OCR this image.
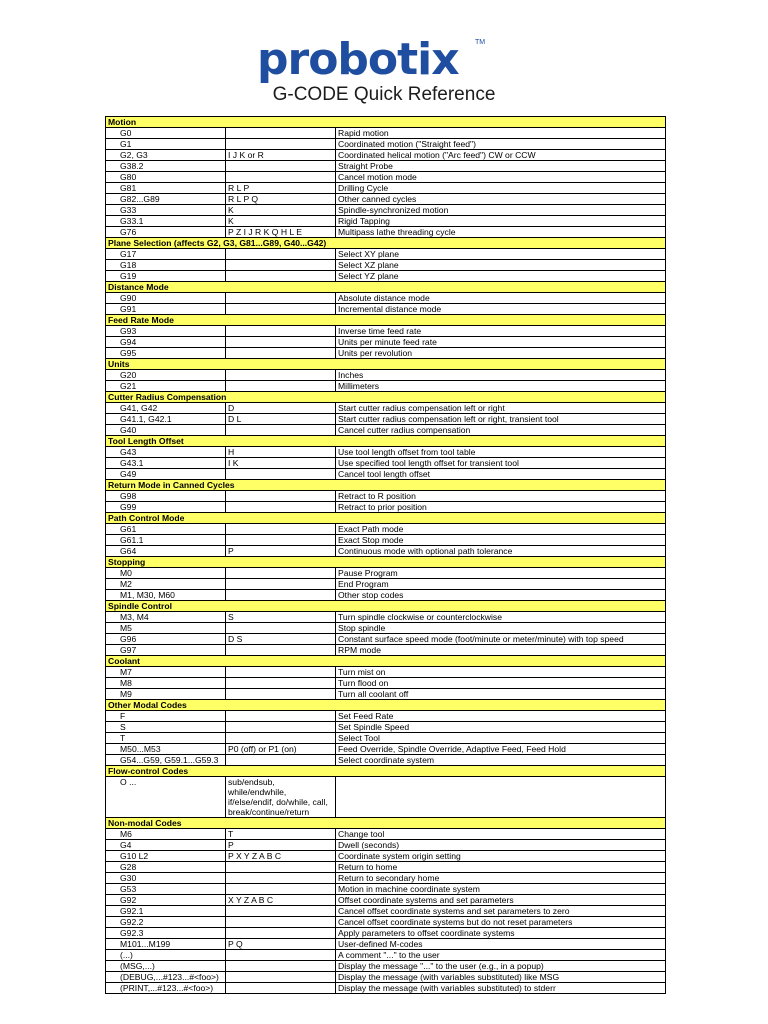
probotix TM
G-CODE Quick Reference
Motion		
G0		Rapid motion
G1		Coordinated motion ("Straight feed")
G2, G3	I J K or R	Coordinated helical motion ("Arc feed") CW or CCW
G38.2		Straight Probe
G80		Cancel motion mode
G81	R L P	Drilling Cycle
G82...G89	R L P Q	Other canned cycles
G33	K	Spindle-synchronized motion
G33.1	K	Rigid Tapping
G76	P Z I J R K Q H L E	Multipass lathe threading cycle
Plane Selection (affects G2, G3, G81...G89, G40...G42)		
G17		Select XY plane
G18		Select XZ plane
G19		Select YZ plane
Distance Mode		
G90		Absolute distance mode
G91		Incremental distance mode
Feed Rate Mode		
G93		Inverse time feed rate
G94		Units per minute feed rate
G95		Units per revolution
Units		
G20		Inches
G21		Millimeters
Cutter Radius Compensation		
G41, G42	D	Start cutter radius compensation left or right
G41.1, G42.1	D L	Start cutter radius compensation left or right, transient tool
G40		Cancel cutter radius compensation
Tool Length Offset		
G43	H	Use tool length offset from tool table
G43.1	I K	Use specified tool length offset for transient tool
G49		Cancel tool length offset
Return Mode in Canned Cycles		
G98		Retract to R position
G99		Retract to prior position
Path Control Mode		
G61		Exact Path mode
G61.1		Exact Stop mode
G64	P	Continuous mode with optional path tolerance
Stopping		
M0		Pause Program
M2		End Program
M1, M30, M60		Other stop codes
Spindle Control		
M3, M4	S	Turn spindle clockwise or counterclockwise
M5		Stop spindle
G96	D S	Constant surface speed mode (foot/minute or meter/minute) with top speed
G97		RPM mode
Coolant		
M7		Turn mist on
M8		Turn flood on
M9		Turn all coolant off
Other Modal Codes		
F		Set Feed Rate
S		Set Spindle Speed
T		Select Tool
M50...M53	P0 (off) or P1 (on)	Feed Override, Spindle Override, Adaptive Feed, Feed Hold
G54...G59, G59.1...G59.3		Select coordinate system
Flow-control Codes		
O ...	sub/endsub, while/endwhile, if/else/endif, do/while, call, break/continue/return	
Non-modal Codes		
M6	T	Change tool
G4	P	Dwell (seconds)
G10 L2	P X Y Z A B C	Coordinate system origin setting
G28		Return to home
G30		Return to secondary home
G53		Motion in machine coordinate system
G92	X Y Z A B C	Offset coordinate systems and set parameters
G92.1		Cancel offset coordinate systems and set parameters to zero
G92.2		Cancel offset coordinate systems but do not reset parameters
G92.3		Apply parameters to offset coordinate systems
M101...M199	P Q	User-defined M-codes
(...)		A comment "..." to the user
(MSG,...)		Display the message "..." to the user (e.g., in a popup)
(DEBUG,...#123...#<foo>)		Display the message (with variables substituted) like MSG
(PRINT,...#123...#<foo>)		Display the message (with variables substituted) to stderr
